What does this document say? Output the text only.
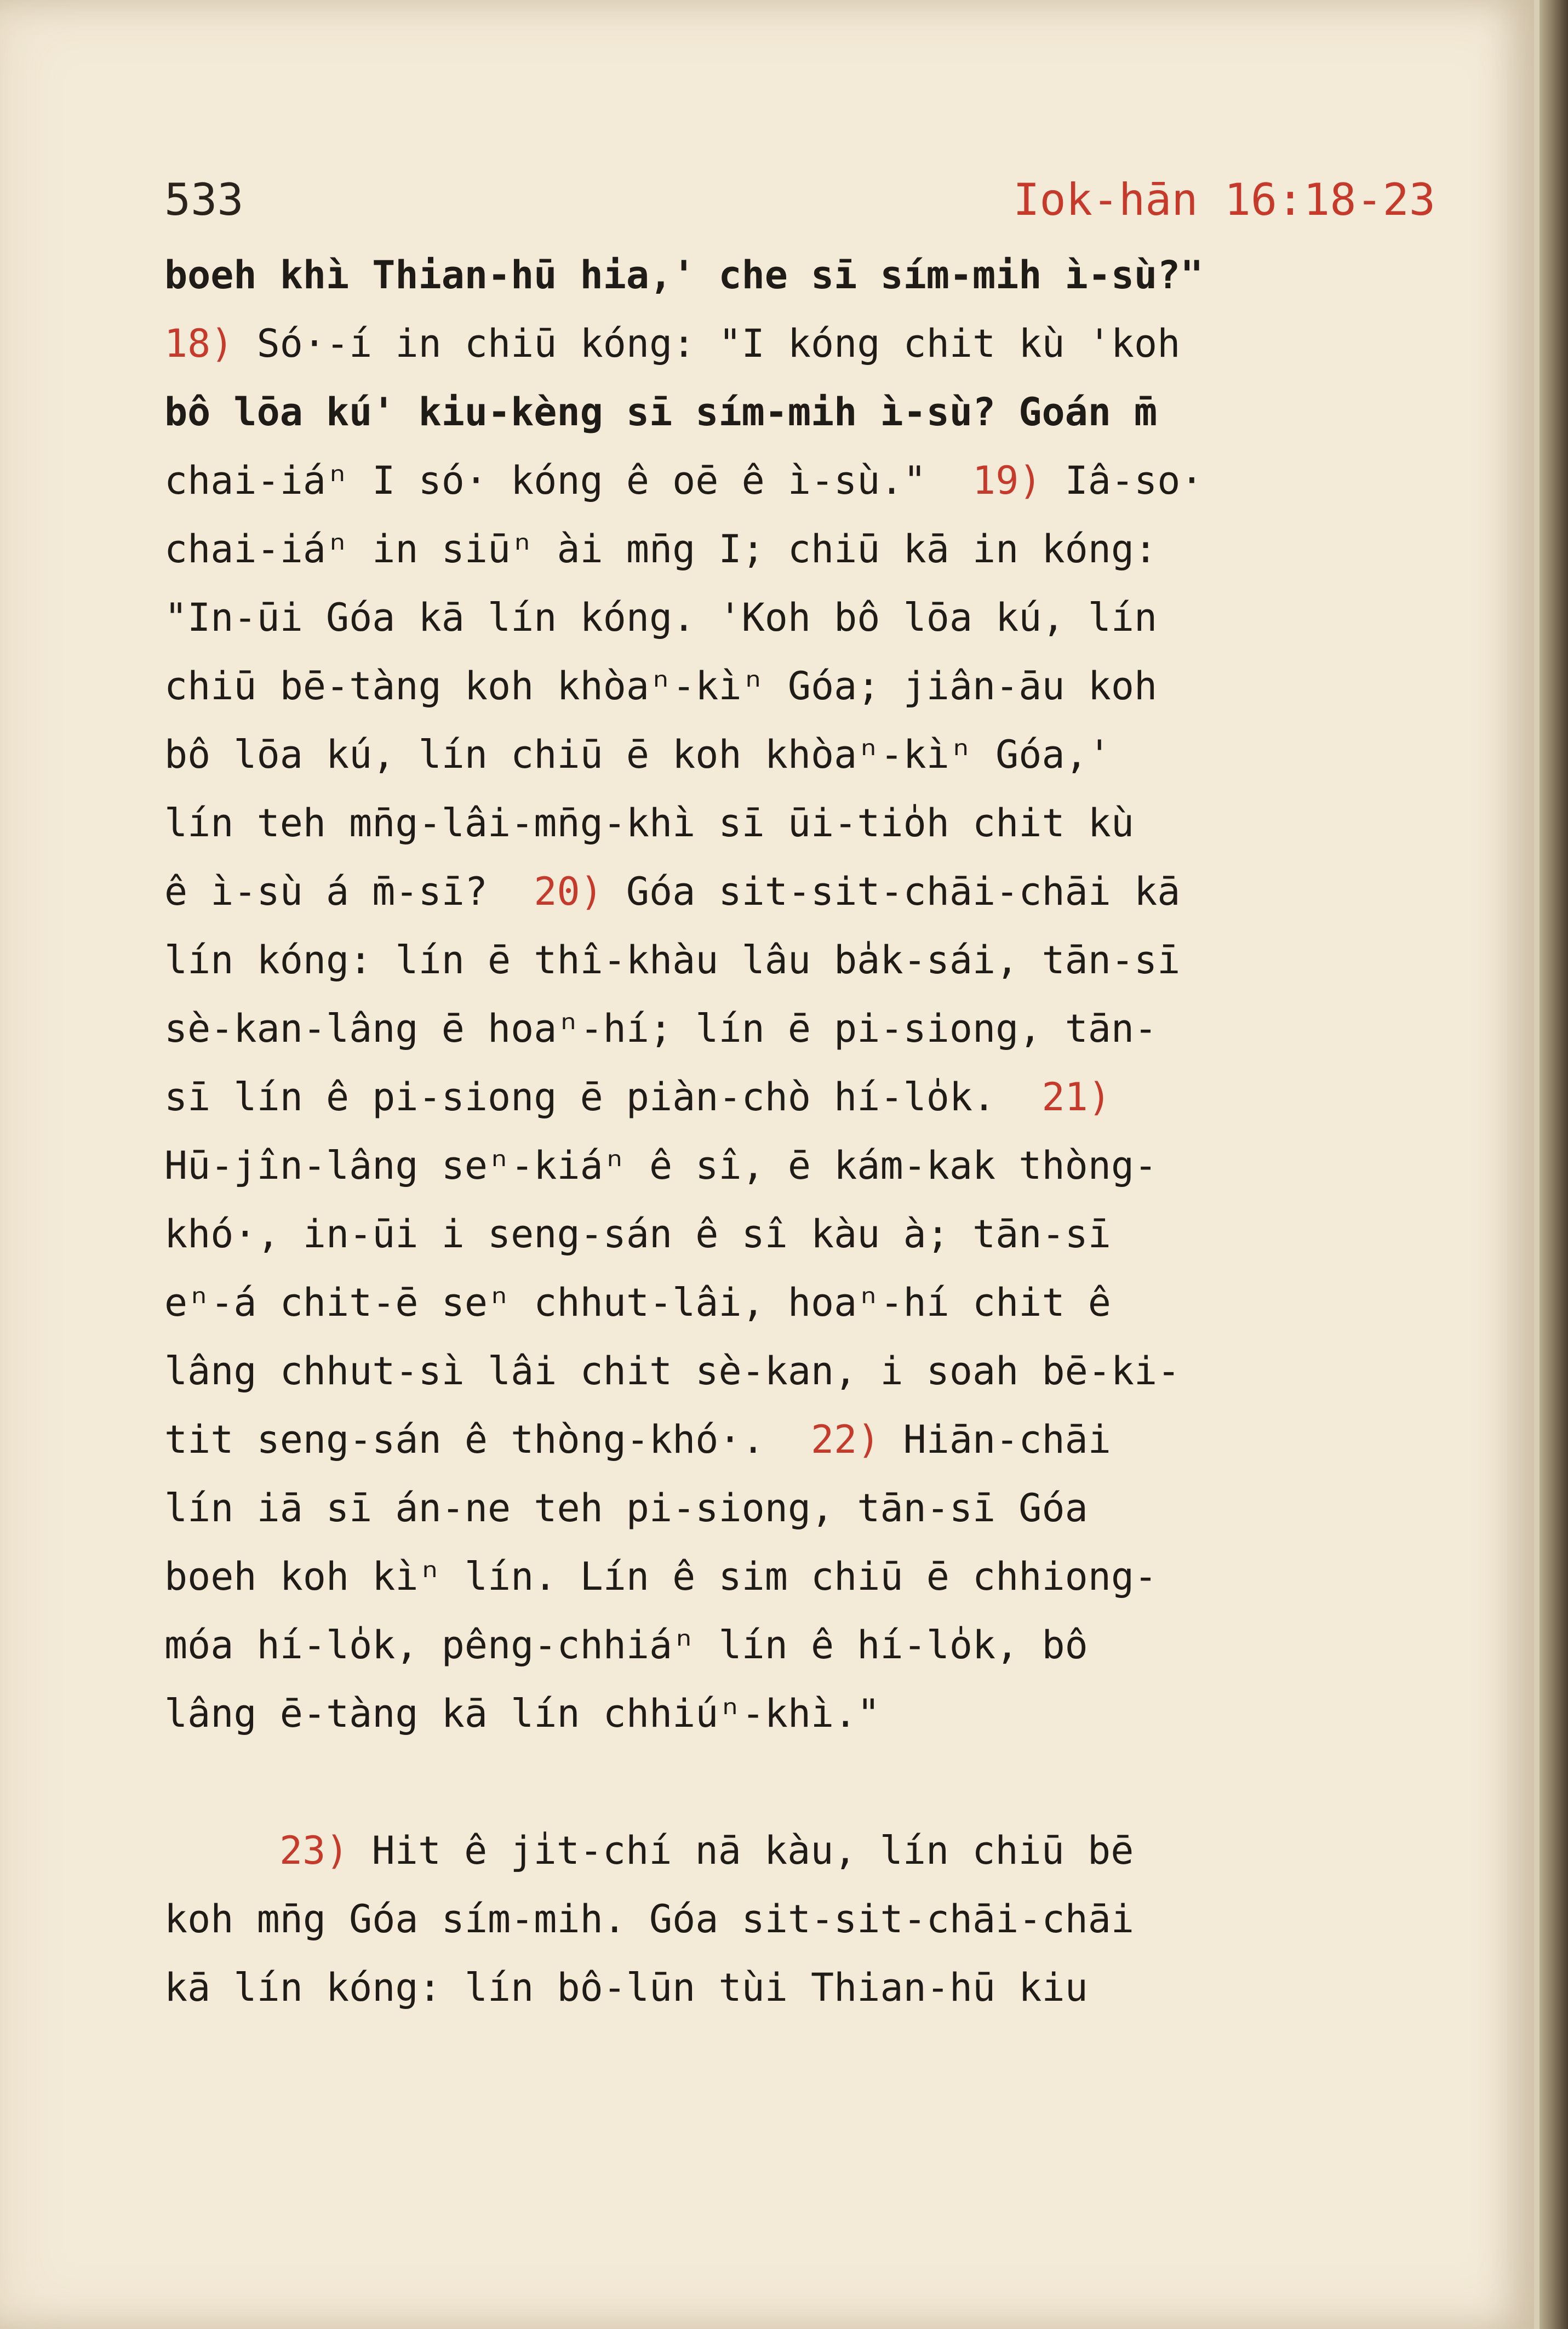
533	Iok-hān 16:18-23
boeh khì Thian-hū hia,' che sī sím-mih ì-sù?"
18) Só·-í in chiū kóng: "I kóng chit kù 'koh
bô lōa kú' kiu-kèng sī sím-mih ì-sù? Goán m̄
chai-iáⁿ I só· kóng ê oē ê ì-sù." 19) Iâ-so·
chai-iáⁿ in siūⁿ ài mn̄g I; chiū kā in kóng:
"In-ūi Góa kā lín kóng. 'Koh bô lōa kú, lín
chiū bē-tàng koh khòaⁿ-kìⁿ Góa; jiân-āu koh
bô lōa kú, lín chiū ē koh khòaⁿ-kìⁿ Góa,'
lín teh mn̄g-lâi-mn̄g-khì sī ūi-tio̍h chit kù
ê ì-sù á m̄-sī? 20) Góa sit-sit-chāi-chāi kā
lín kóng: lín ē thî-khàu lâu ba̍k-sái, tān-sī
sè-kan-lâng ē hoaⁿ-hí; lín ē pi-siong, tān-
sī lín ê pi-siong ē piàn-chò hí-lo̍k. 21)
Hū-jîn-lâng seⁿ-kiáⁿ ê sî, ē kám-kak thòng-
khó·, in-ūi i seng-sán ê sî kàu à; tān-sī
eⁿ-á chit-ē seⁿ chhut-lâi, hoaⁿ-hí chit ê
lâng chhut-sì lâi chit sè-kan, i soah bē-ki-
tit seng-sán ê thòng-khó·. 22) Hiān-chāi
lín iā sī án-ne teh pi-siong, tān-sī Góa
boeh koh kìⁿ lín. Lín ê sim chiū ē chhiong-
móa hí-lo̍k, pêng-chhiáⁿ lín ê hí-lo̍k, bô
lâng ē-tàng kā lín chhiúⁿ-khì."
23) Hit ê ji̍t-chí nā kàu, lín chiū bē
koh mn̄g Góa sím-mih. Góa sit-sit-chāi-chāi
kā lín kóng: lín bô-lūn tùi Thian-hū kiu
